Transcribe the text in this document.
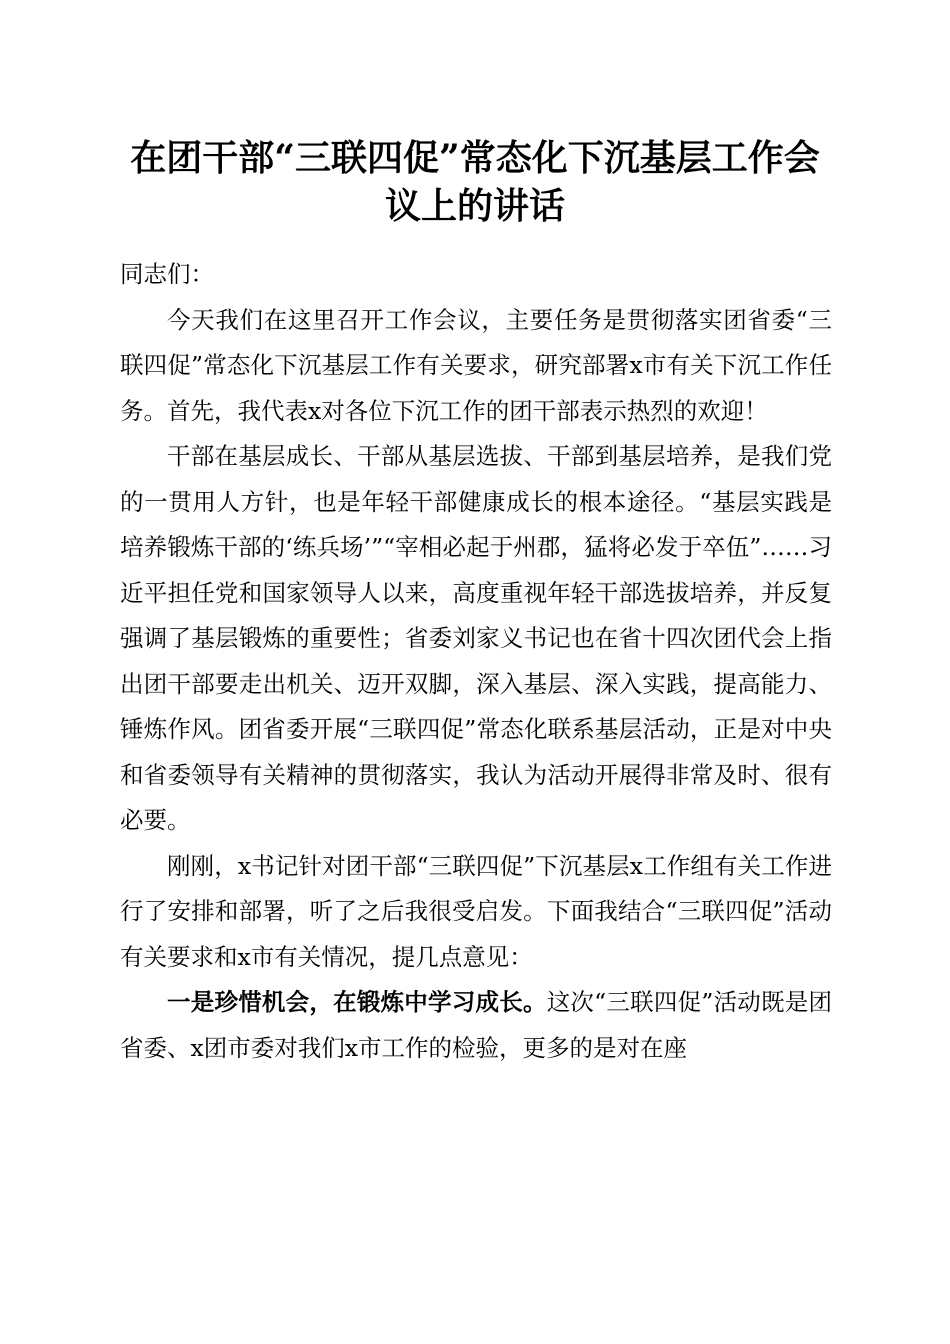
在团干部“三联四促”常态化下沉基层工作会
议上的讲话

同志们：

今天我们在这里召开工作会议，主要任务是贯彻落实团省委“三联四促”常态化下沉基层工作有关要求，研究部署x市有关下沉工作任务。首先，我代表x对各位下沉工作的团干部表示热烈的欢迎！

干部在基层成长、干部从基层选拔、干部到基层培养，是我们党的一贯用人方针，也是年轻干部健康成长的根本途径。“基层实践是培养锻炼干部的‘练兵场’”“宰相必起于州郡，猛将必发于卒伍”……习近平担任党和国家领导人以来，高度重视年轻干部选拔培养，并反复强调了基层锻炼的重要性；省委刘家义书记也在省十四次团代会上指出团干部要走出机关、迈开双脚，深入基层、深入实践，提高能力、锤炼作风。团省委开展“三联四促”常态化联系基层活动，正是对中央和省委领导有关精神的贯彻落实，我认为活动开展得非常及时、很有必要。

刚刚，x书记针对团干部“三联四促”下沉基层x工作组有关工作进行了安排和部署，听了之后我很受启发。下面我结合“三联四促”活动有关要求和x市有关情况，提几点意见：

一是珍惜机会，在锻炼中学习成长。这次“三联四促”活动既是团省委、x团市委对我们x市工作的检验，更多的是对在座
